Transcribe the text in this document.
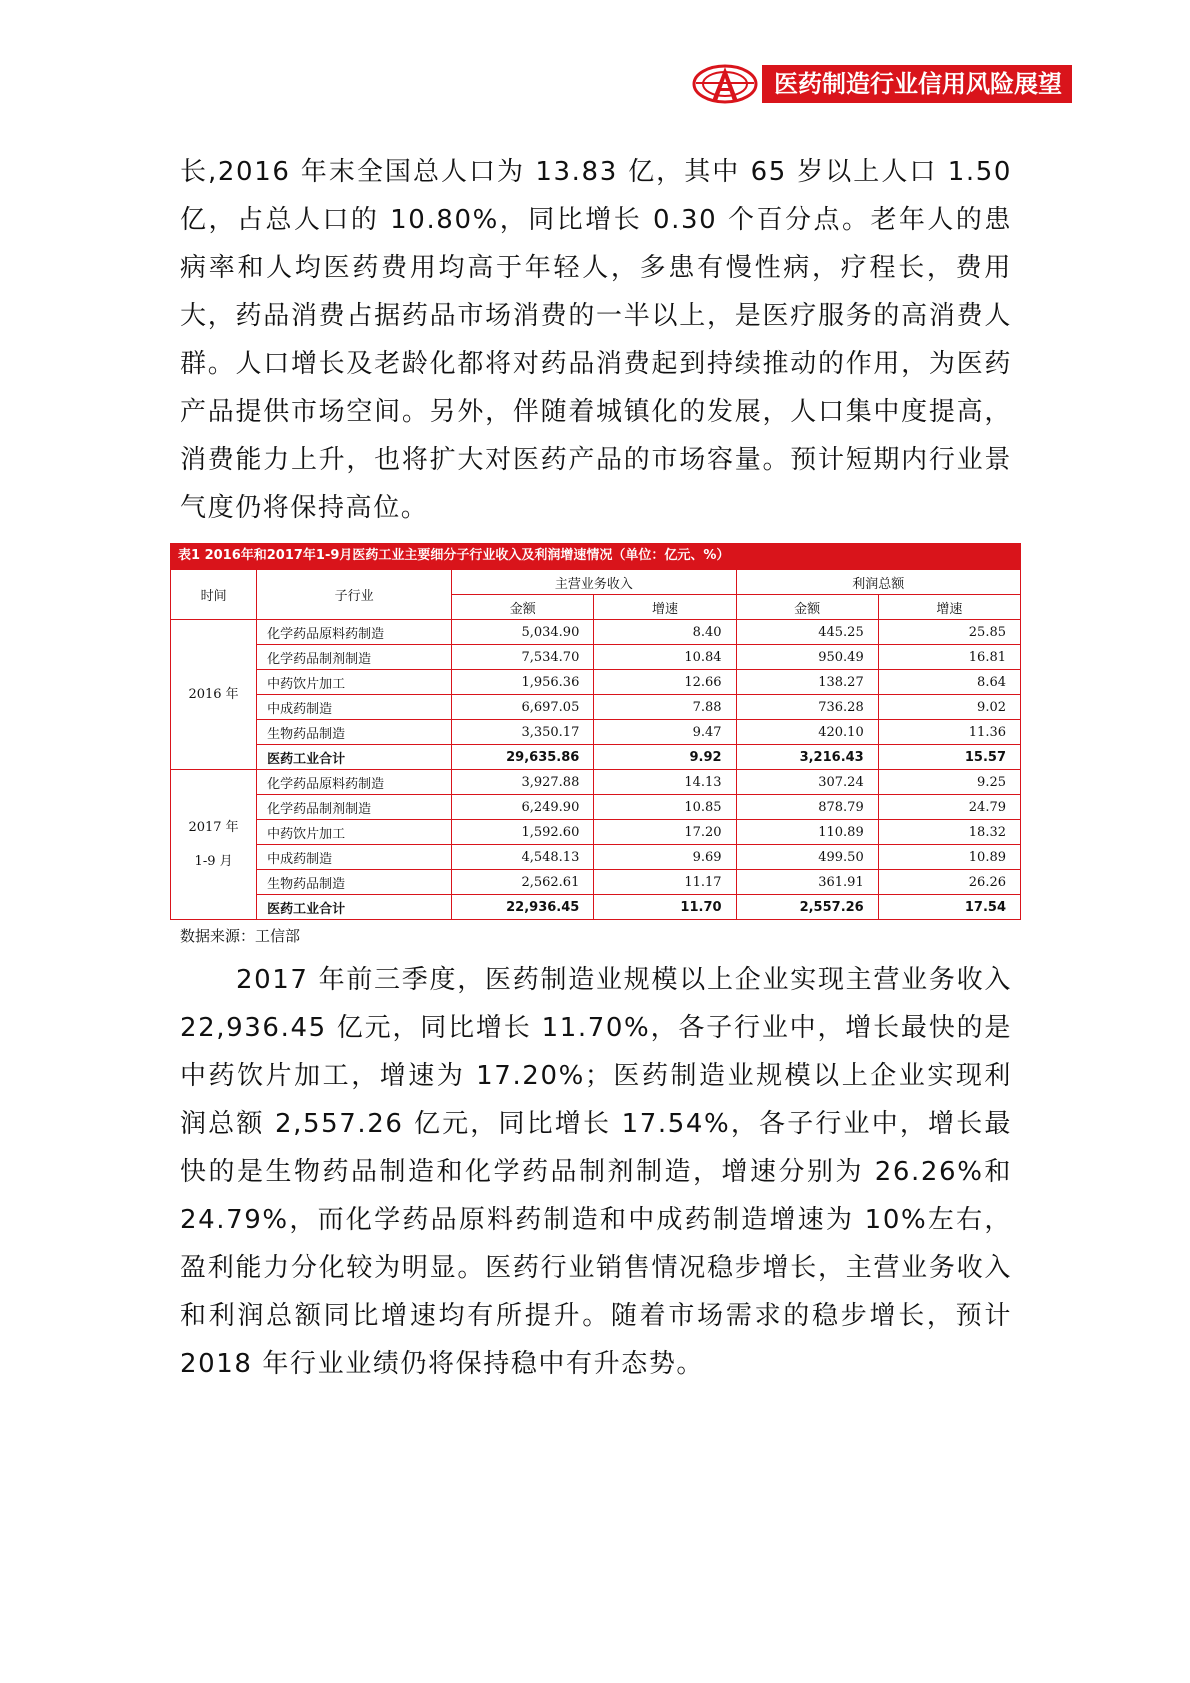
医药制造行业信用风险展望
长,2016 年末全国总人口为 13.83 亿，其中 65 岁以上人口 1.50 亿，占总人口的 10.80%，同比增长 0.30 个百分点。老年人的患病率和人均医药费用均高于年轻人，多患有慢性病，疗程长，费用大，药品消费占据药品市场消费的一半以上，是医疗服务的高消费人群。人口增长及老龄化都将对药品消费起到持续推动的作用，为医药产品提供市场空间。另外，伴随着城镇化的发展，人口集中度提高，消费能力上升，也将扩大对医药产品的市场容量。预计短期内行业景气度仍将保持高位。
表1 2016年和2017年1-9月医药工业主要细分子行业收入及利润增速情况（单位：亿元、%）
时间	子行业	主营业务收入		利润总额	
		金额	增速	金额	增速

2016 年	化学药品原料药制造	5,034.90	8.40	445.25	25.85
	化学药品制剂制造	7,534.70	10.84	950.49	16.81
	中药饮片加工	1,956.36	12.66	138.27	8.64
	中成药制造	6,697.05	7.88	736.28	9.02
	生物药品制造	3,350.17	9.47	420.10	11.36
	医药工业合计	29,635.86	9.92	3,216.43	15.57

2017 年
1-9 月	化学药品原料药制造	3,927.88	14.13	307.24	9.25
	化学药品制剂制造	6,249.90	10.85	878.79	24.79
	中药饮片加工	1,592.60	17.20	110.89	18.32
	中成药制造	4,548.13	9.69	499.50	10.89
	生物药品制造	2,562.61	11.17	361.91	26.26
	医药工业合计	22,936.45	11.70	2,557.26	17.54
数据来源：工信部
2017 年前三季度，医药制造业规模以上企业实现主营业务收入 22,936.45 亿元，同比增长 11.70%，各子行业中，增长最快的是中药饮片加工，增速为 17.20%；医药制造业规模以上企业实现利润总额 2,557.26 亿元，同比增长 17.54%，各子行业中，增长最快的是生物药品制造和化学药品制剂制造，增速分别为 26.26%和 24.79%，而化学药品原料药制造和中成药制造增速为 10%左右，盈利能力分化较为明显。医药行业销售情况稳步增长，主营业务收入和利润总额同比增速均有所提升。随着市场需求的稳步增长，预计 2018 年行业业绩仍将保持稳中有升态势。
